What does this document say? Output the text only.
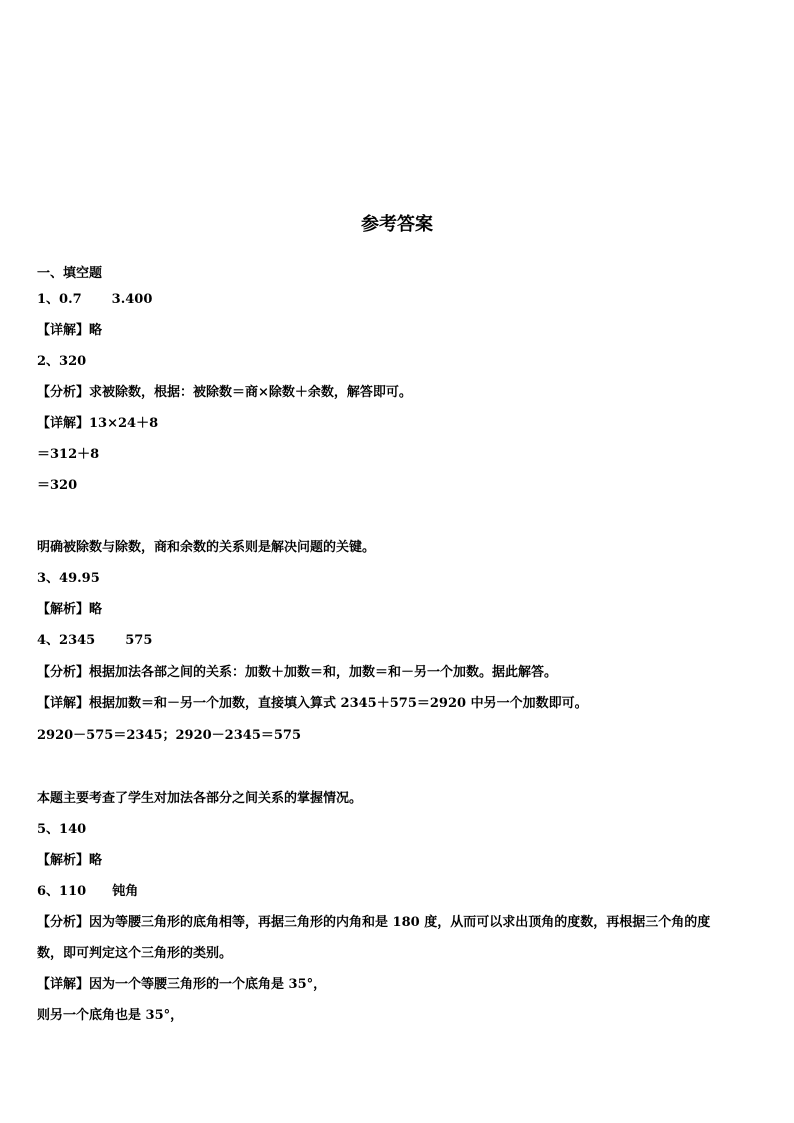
参考答案
一、填空题
1、0.7 3.400
【详解】略
2、320
【分析】求被除数，根据：被除数＝商×除数＋余数，解答即可。
【详解】13×24＋8
＝312＋8
＝320
明确被除数与除数，商和余数的关系则是解决问题的关键。
3、49.95
【解析】略
4、2345 575
【分析】根据加法各部之间的关系：加数＋加数＝和，加数＝和－另一个加数。据此解答。
【详解】根据加数＝和－另一个加数，直接填入算式 2345＋575＝2920 中另一个加数即可。
2920－575＝2345；2920－2345＝575
本题主要考查了学生对加法各部分之间关系的掌握情况。
5、140
【解析】略
6、110 钝角
【分析】因为等腰三角形的底角相等，再据三角形的内角和是 180 度，从而可以求出顶角的度数，再根据三个角的度
数，即可判定这个三角形的类别。
【详解】因为一个等腰三角形的一个底角是 35°，
则另一个底角也是 35°，
